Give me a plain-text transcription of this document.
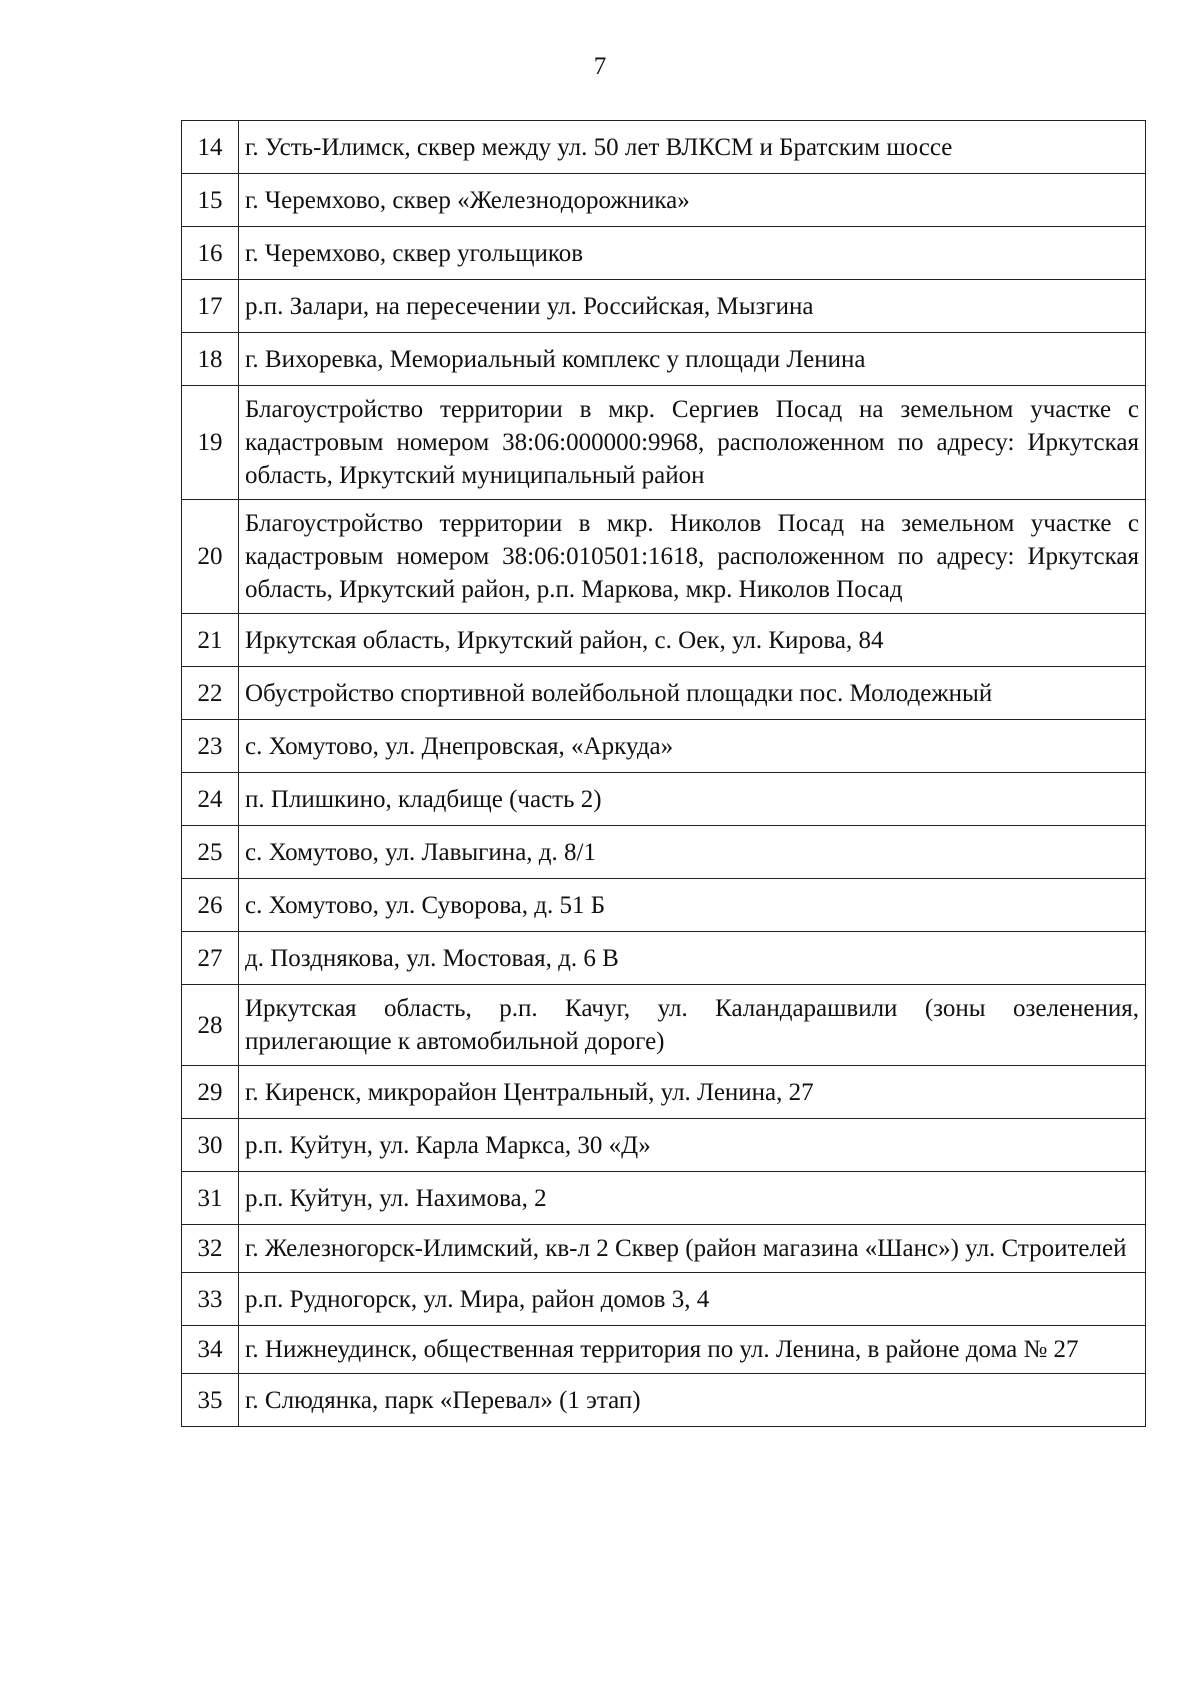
7
14	г. Усть-Илимск, сквер между ул. 50 лет ВЛКСМ и Братским шоссе
15	г. Черемхово, сквер «Железнодорожника»
16	г. Черемхово, сквер угольщиков
17	р.п. Залари, на пересечении ул. Российская, Мызгина
18	г. Вихоревка, Мемориальный комплекс у площади Ленина
19	Благоустройство территории в мкр. Сергиев Посад на земельном участке с кадастровым номером 38:06:000000:9968, расположенном по адресу: Иркутская область, Иркутский муниципальный район
20	Благоустройство территории в мкр. Николов Посад на земельном участке с кадастровым номером 38:06:010501:1618, расположенном по адресу: Иркутская область, Иркутский район, р.п. Маркова, мкр. Николов Посад
21	Иркутская область, Иркутский район, с. Оек, ул. Кирова, 84
22	Обустройство спортивной волейбольной площадки пос. Молодежный
23	с. Хомутово, ул. Днепровская, «Аркуда»
24	п. Плишкино, кладбище (часть 2)
25	с. Хомутово, ул. Лавыгина, д. 8/1
26	с. Хомутово, ул. Суворова, д. 51 Б
27	д. Позднякова, ул. Мостовая, д. 6 В
28	Иркутская область, р.п. Качуг, ул. Каландарашвили (зоны озеленения, прилегающие к автомобильной дороге)
29	г. Киренск, микрорайон Центральный, ул. Ленина, 27
30	р.п. Куйтун, ул. Карла Маркса, 30 «Д»
31	р.п. Куйтун, ул. Нахимова, 2
32	г. Железногорск-Илимский, кв-л 2 Сквер (район магазина «Шанс») ул. Строителей
33	р.п. Рудногорск, ул. Мира, район домов 3, 4
34	г. Нижнеудинск, общественная территория по ул. Ленина, в районе дома № 27
35	г. Слюдянка, парк «Перевал» (1 этап)
